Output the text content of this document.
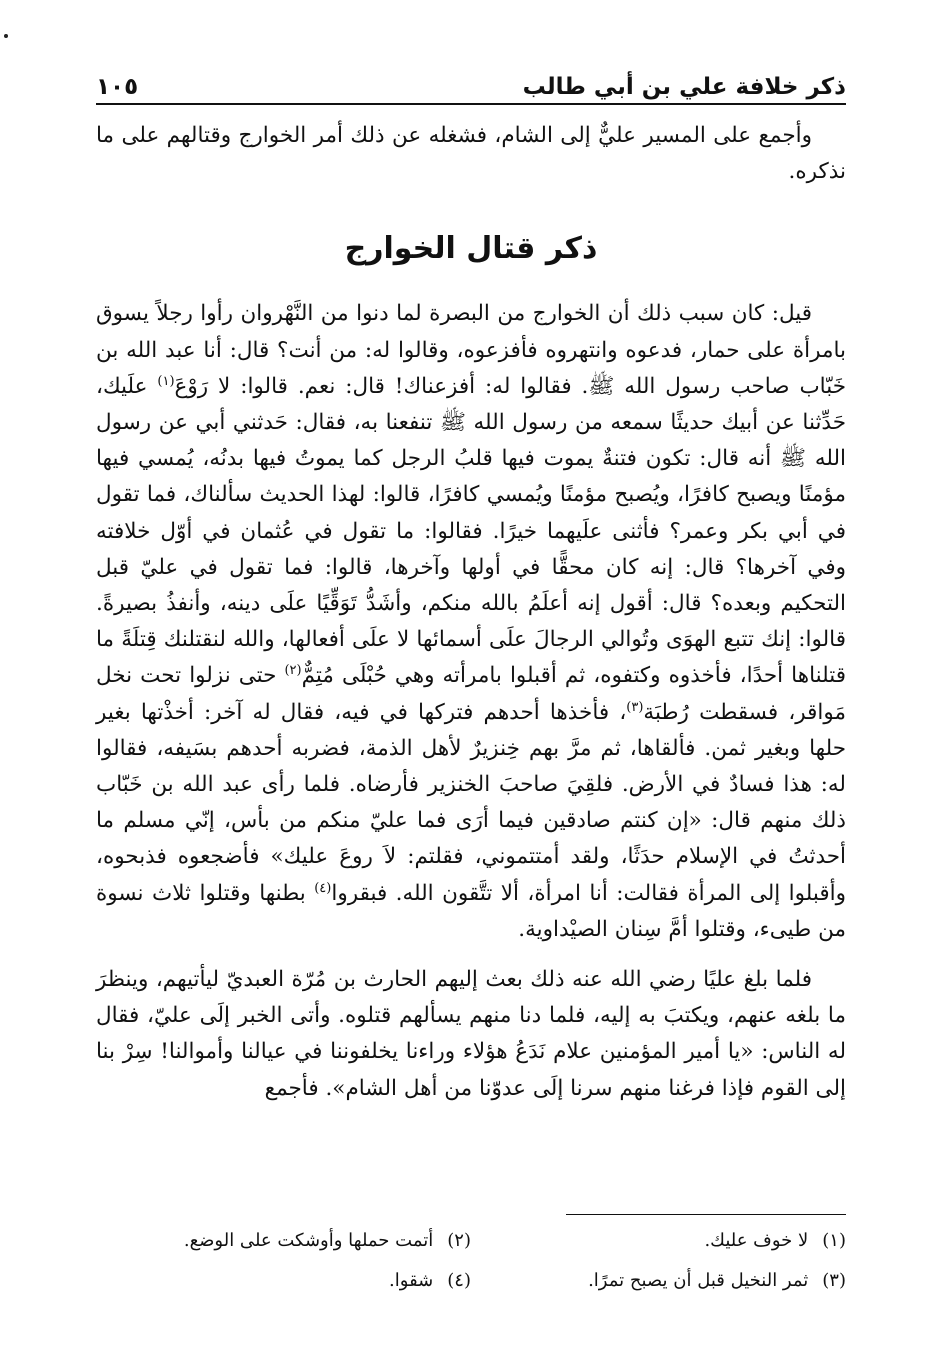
ذكر خلافة علي بن أبي طالب
١٠٥

وأجمع على المسير عليٌّ إلى الشام، فشغله عن ذلك أمر الخوارج وقتالهم على ما نذكره.

ذكر قتال الخوارج

قيل: كان سبب ذلك أن الخوارج من البصرة لما دنوا من النَّهْروان رأوا رجلاً يسوق بامرأة على حمار، فدعوه وانتهروه فأفزعوه، وقالوا له: من أنت؟ قال: أنا عبد الله بن خَبّاب صاحب رسول الله ﷺ. فقالوا له: أفزعناك! قال: نعم. قالوا: لا رَوْعَ$^{(١)}$ علَيك، حَدِّثنا عن أبيك حديثًا سمعه من رسول الله ﷺ تنفعنا به، فقال: حَدثني أبي عن رسول الله ﷺ أنه قال: تكون فتنةٌ يموت فيها قلبُ الرجل كما يموتُ فيها بدنُه، يُمسي فيها مؤمنًا ويصبح كافرًا، ويُصبح مؤمنًا ويُمسي كافرًا، قالوا: لهذا الحديث سألناك، فما تقول في أبي بكر وعمر؟ فأثنى علَيهما خيرًا. فقالوا: ما تقول في عُثمان في أوّل خلافته وفي آخرها؟ قال: إنه كان محقًّا في أولها وآخرها، قالوا: فما تقول في عليّ قبل التحكيم وبعده؟ قال: أقول إنه أعلَمُ بالله منكم، وأشَدُّ تَوَقِّيًا علَى دينه، وأنفذُ بصيرةً. قالوا: إنك تتبع الهوَى وتُوالي الرجالَ علَى أسمائها لا علَى أفعالها، والله لنقتلنك قِتلَةً ما قتلناها أحدًا، فأخذوه وكتفوه، ثم أقبلوا بامرأته وهي حُبْلَى مُتِمٌّ$^{(٢)}$ حتى نزلوا تحت نخل مَواقر، فسقطت رُطبَة$^{(٣)}$، فأخذها أحدهم فتركها في فيه، فقال له آخر: أخذْتها بغير حلها وبغير ثمن. فألقاها، ثم مرَّ بهم خِنزيرٌ لأهل الذمة، فضربه أحدهم بسَيفه، فقالوا له: هذا فسادٌ في الأرض. فلقِيَ صاحبَ الخنزير فأرضاه. فلما رأى عبد الله بن خَبّاب ذلك منهم قال: «إن كنتم صادقين فيما أرَى فما عليّ منكم من بأس، إنّي مسلم ما أحدثتُ في الإسلام حدَثًا، ولقد أمتتموني، فقلتم: لاَ روعَ عليك» فأضجعوه فذبحوه، وأقبلوا إلى المرأة فقالت: أنا امرأة، ألا تتَّقون الله. فبقروا$^{(٤)}$ بطنها وقتلوا ثلاث نسوة من طيىء، وقتلوا أمَّ سِنان الصيْداوية.

فلما بلغ عليًا رضي الله عنه ذلك بعث إليهم الحارث بن مُرّة العبديّ ليأتيهم، وينظرَ ما بلغه عنهم، ويكتبَ به إليه، فلما دنا منهم يسألهم قتلوه. وأتى الخبر إلَى عليّ، فقال له الناس: «يا أمير المؤمنين علام نَدَعُ هؤلاء وراءنا يخلفوننا في عيالنا وأموالنا! سِرْ بنا إلى القوم فإذا فرغنا منهم سرنا إلَى عدوّنا من أهل الشام». فأجمع

(١)
لا خوف عليك.
(٢)
أتمت حملها وأوشكت على الوضع.
(٣)
ثمر النخيل قبل أن يصبح تمرًا.
(٤)
شقوا.
